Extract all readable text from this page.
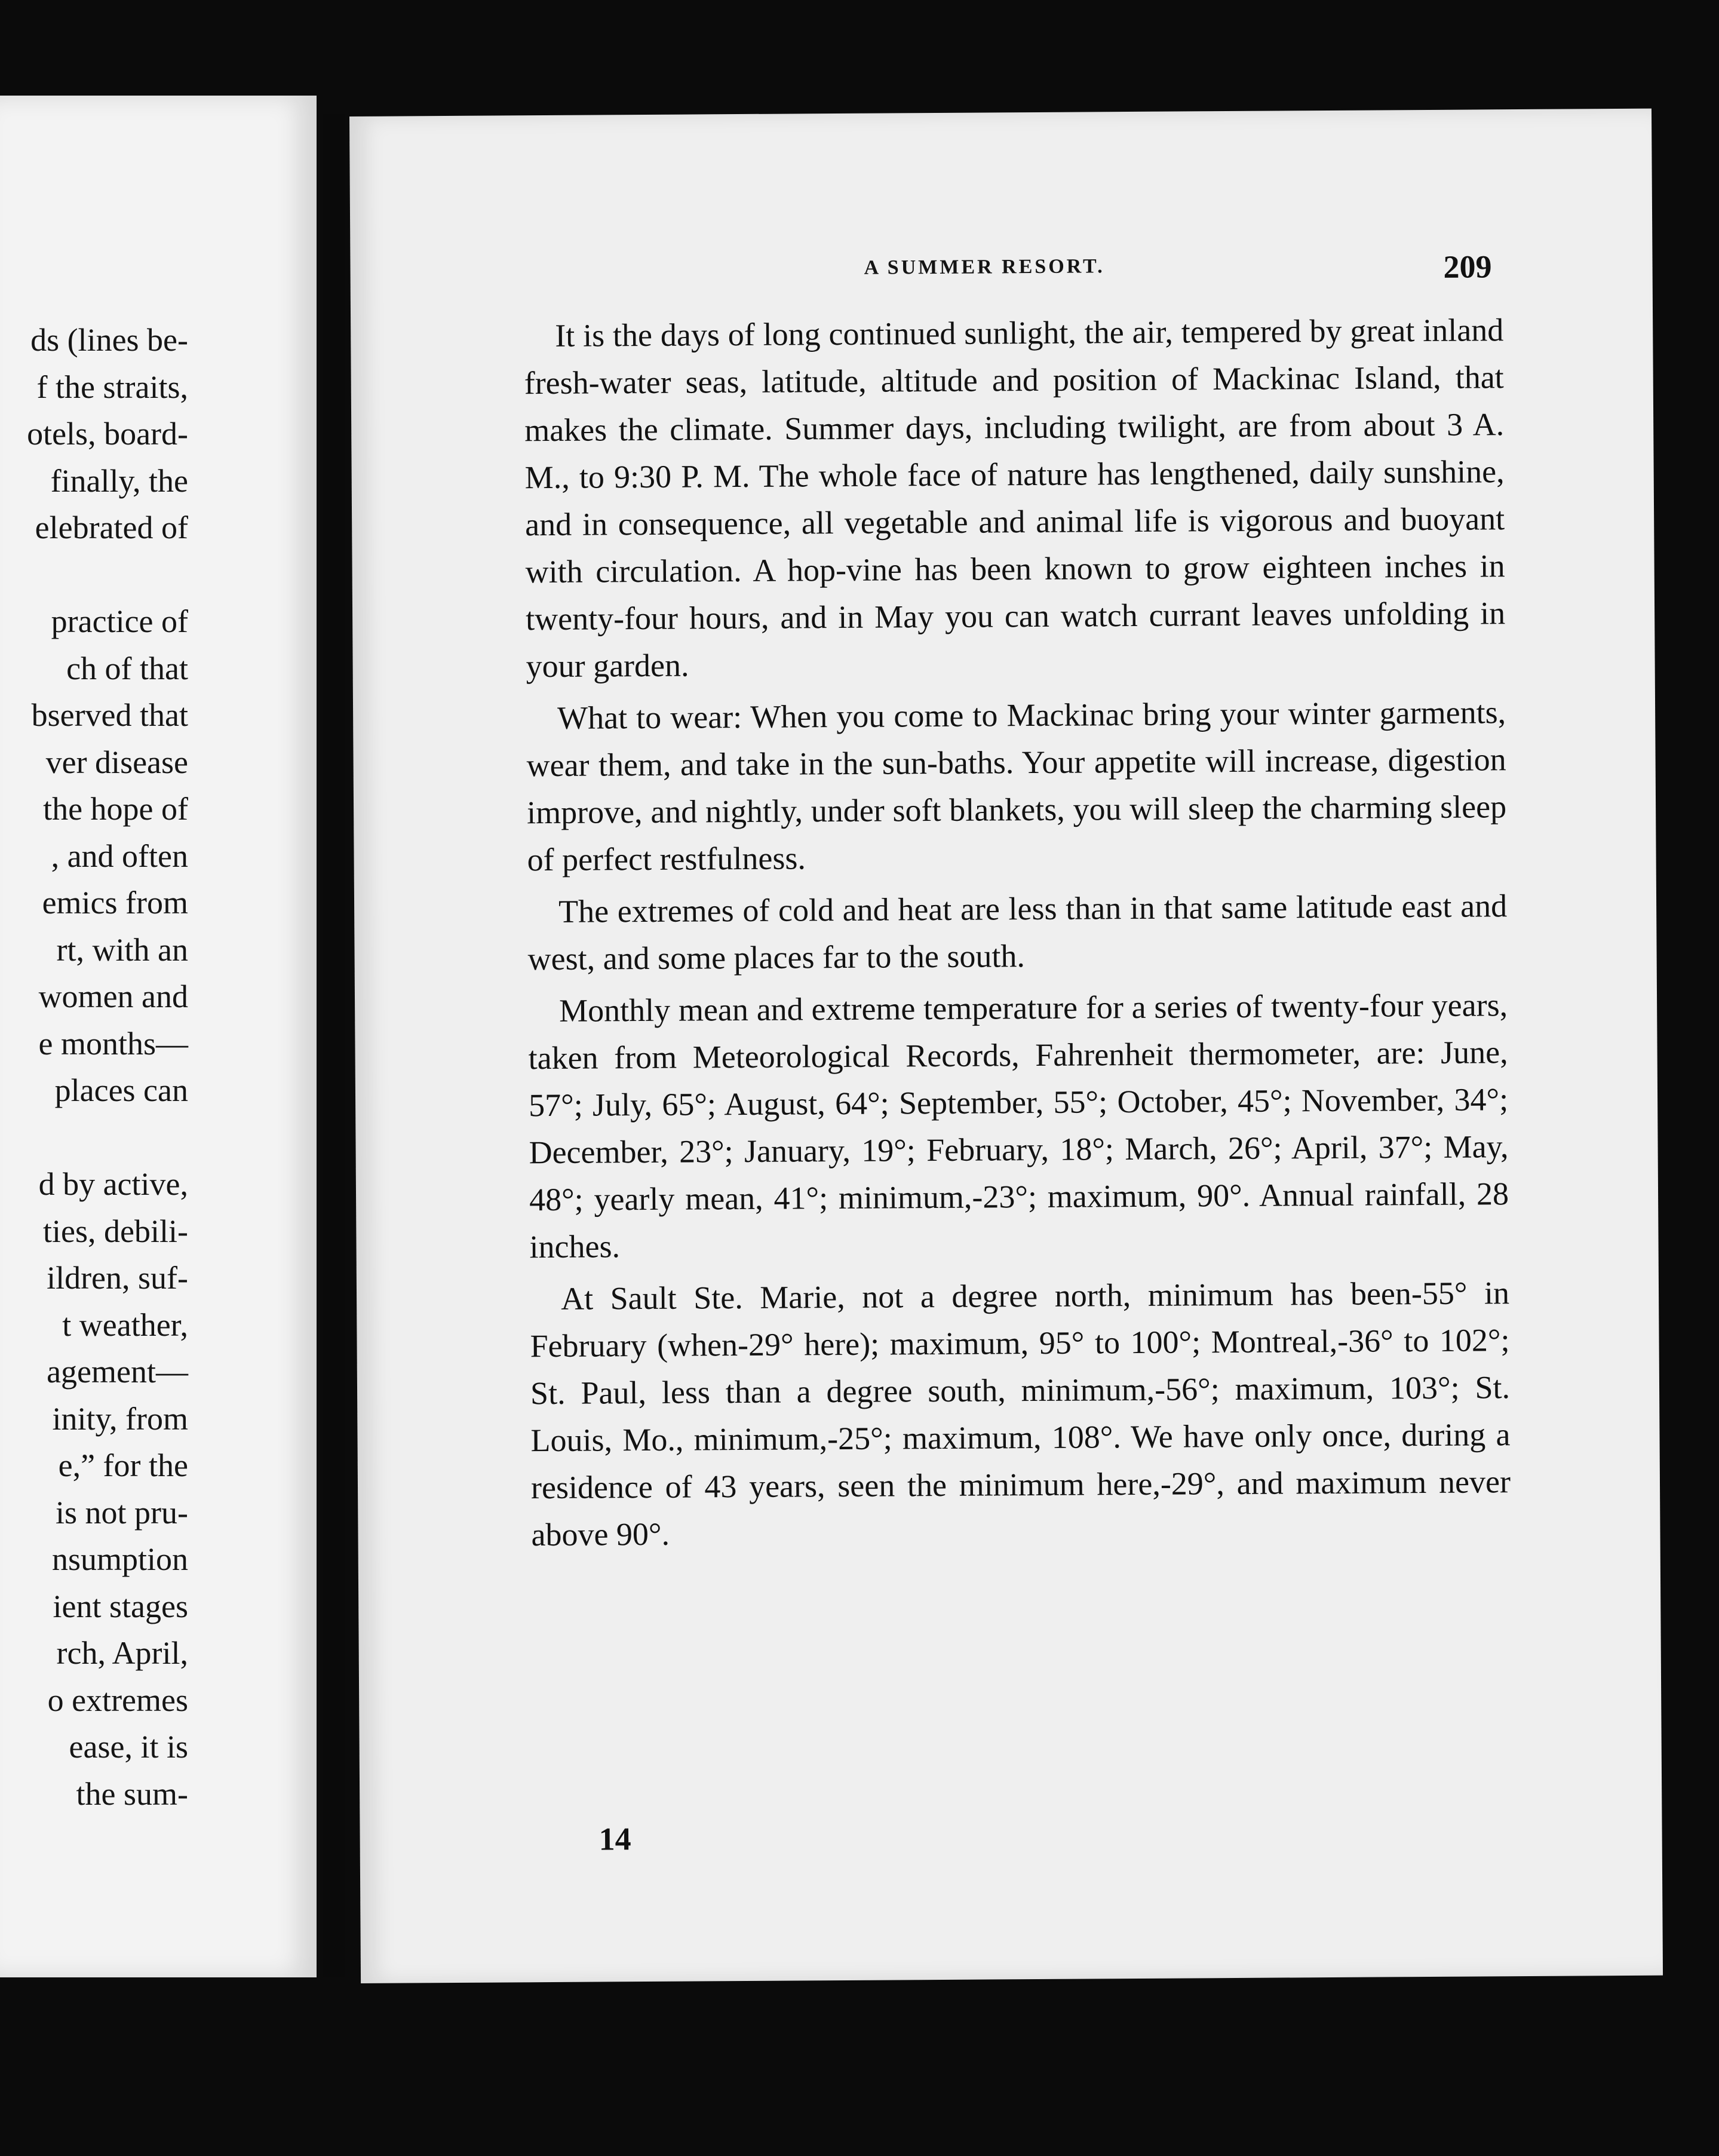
ds (lines be-
f the straits,
otels, board-
finally, the
elebrated of
practice of
ch of that
bserved that
ver disease
the hope of
, and often
emics from
rt, with an
women and
e months—
places can
d by active,
ties, debili-
ildren, suf-
t weather,
agement—
inity, from
e,” for the
is not pru-
nsumption
ient stages
rch, April,
o extremes
ease, it is
the sum-
A SUMMER RESORT.	209

It is the days of long continued sunlight, the air, tempered by great inland fresh-water seas, latitude, altitude and position of Mackinac Island, that makes the climate. Summer days, including twilight, are from about 3 A. M., to 9:30 P. M. The whole face of nature has lengthened, daily sunshine, and in consequence, all vegetable and animal life is vigorous and buoyant with circulation. A hop-vine has been known to grow eighteen inches in twenty-four hours, and in May you can watch currant leaves unfolding in your garden.

What to wear: When you come to Mackinac bring your winter garments, wear them, and take in the sun-baths. Your appetite will increase, digestion improve, and nightly, under soft blankets, you will sleep the charming sleep of perfect restfulness.

The extremes of cold and heat are less than in that same latitude east and west, and some places far to the south.

Monthly mean and extreme temperature for a series of twenty-four years, taken from Meteorological Records, Fahrenheit thermometer, are: June, 57°; July, 65°; August, 64°; September, 55°; October, 45°; November, 34°; December, 23°; January, 19°; February, 18°; March, 26°; April, 37°; May, 48°; yearly mean, 41°; minimum,-23°; maximum, 90°. Annual rainfall, 28 inches.

At Sault Ste. Marie, not a degree north, minimum has been-55° in February (when-29° here); maximum, 95° to 100°; Montreal,-36° to 102°; St. Paul, less than a degree south, minimum,-56°; maximum, 103°; St. Louis, Mo., minimum,-25°; maximum, 108°. We have only once, during a residence of 43 years, seen the minimum here,-29°, and maximum never above 90°.

14
